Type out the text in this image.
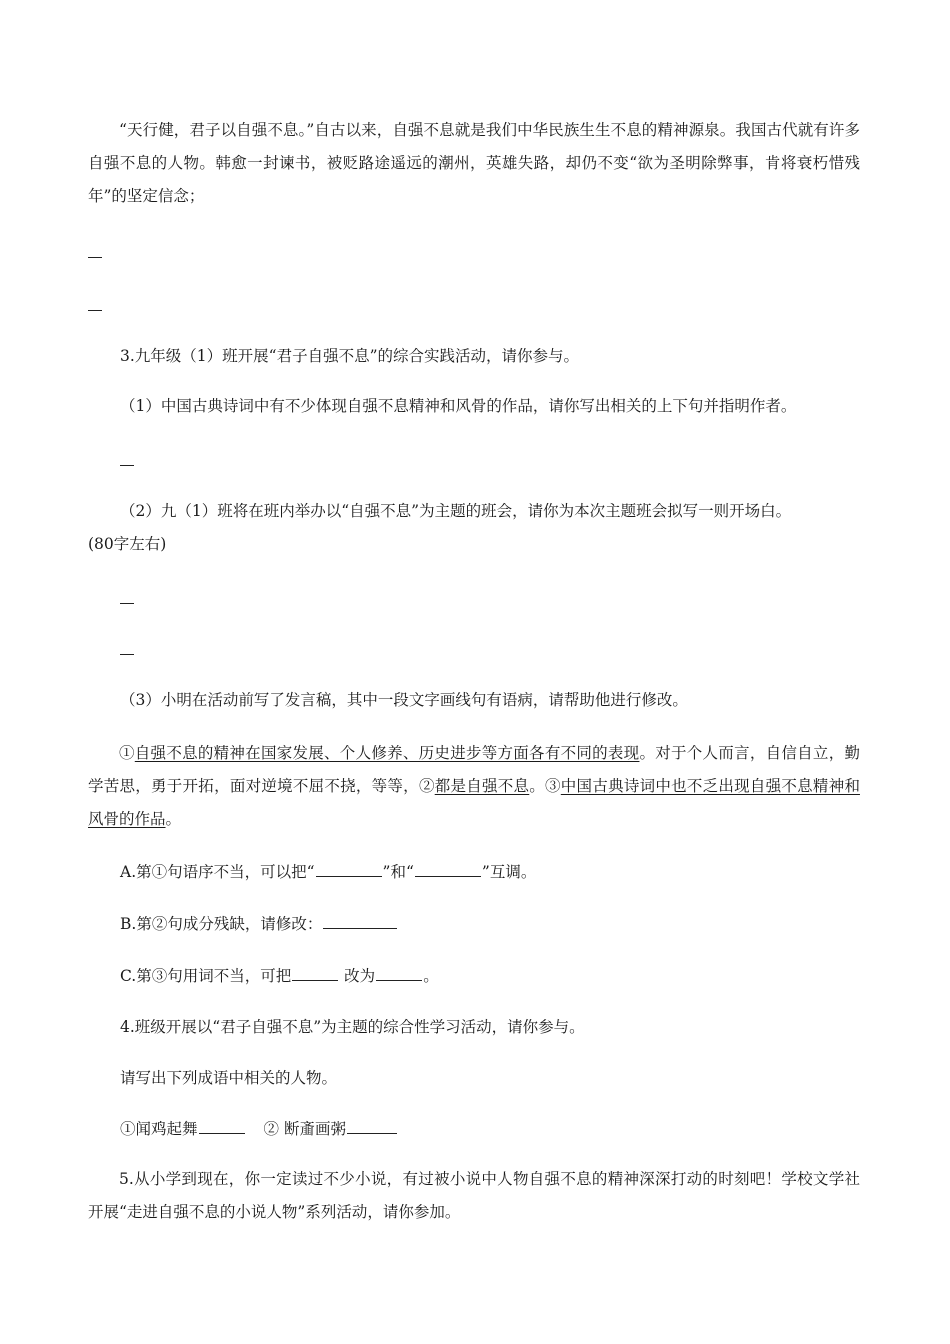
“天行健，君子以自强不息。”自古以来，自强不息就是我们中华民族生生不息的精神源泉。我国古代就有许多自强不息的人物。韩愈一封谏书，被贬路途遥远的潮州，英雄失路，却仍不变“欲为圣明除弊事，肯将衰朽惜残年”的坚定信念；

3.九年级（1）班开展“君子自强不息”的综合实践活动，请你参与。
（1）中国古典诗词中有不少体现自强不息精神和风骨的作品，请你写出相关的上下句并指明作者。
（2）九（1）班将在班内举办以“自强不息”为主题的班会，请你为本次主题班会拟写一则开场白。
(80字左右)
（3）小明在活动前写了发言稿，其中一段文字画线句有语病，请帮助他进行修改。

①自强不息的精神在国家发展、个人修养、历史进步等方面各有不同的表现。对于个人而言，自信自立，勤学苦思，勇于开拓，面对逆境不屈不挠，等等，②都是自强不息。③中国古典诗词中也不乏出现自强不息精神和风骨的作品。

A.第①句语序不当，可以把“	”和“	”互调。
B.第②句成分残缺，请修改：
C.第③句用词不当，可把	改为	。
4.班级开展以“君子自强不息”为主题的综合性学习活动，请你参与。
请写出下列成语中相关的人物。
①闻鸡起舞	② 断齑画粥

5.从小学到现在，你一定读过不少小说，有过被小说中人物自强不息的精神深深打动的时刻吧！学校文学社开展“走进自强不息的小说人物”系列活动，请你参加。
